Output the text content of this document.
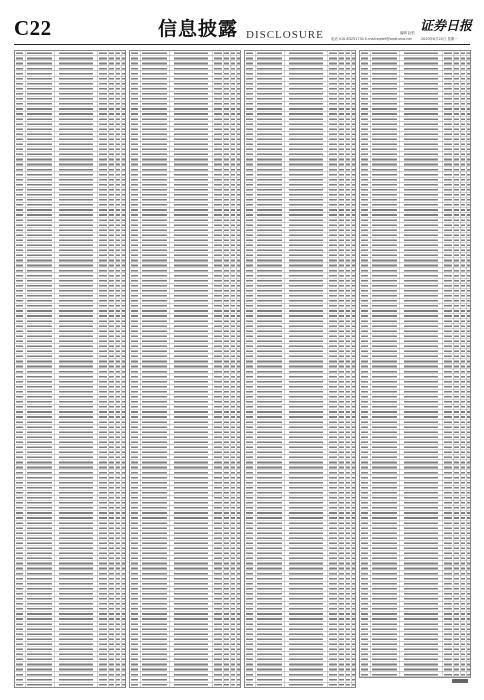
C22	信息披露 DISCLOSURE
证券日报
编辑 赵松
电话 010-83251730 E-mail:zqrb9@zqrb.sina.net	2020年6月22日 星期一
